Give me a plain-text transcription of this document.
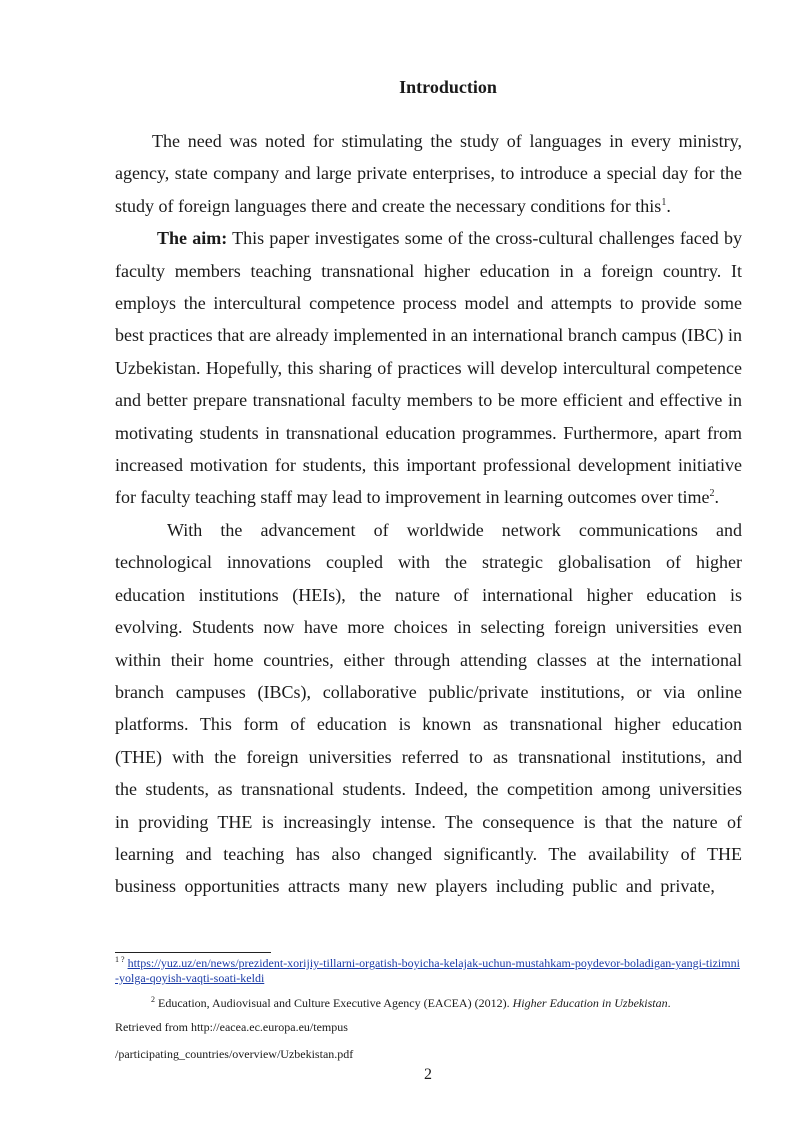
Introduction

The need was noted for stimulating the study of languages in every ministry, agency, state company and large private enterprises, to introduce a special day for the study of foreign languages there and create the necessary conditions for this$^1$.

The aim: This paper investigates some of the cross-cultural challenges faced by faculty members teaching transnational higher education in a foreign country. It employs the intercultural competence process model and attempts to provide some best practices that are already implemented in an international branch campus (IBC) in Uzbekistan. Hopefully, this sharing of practices will develop intercultural competence and better prepare transnational faculty members to be more efficient and effective in motivating students in transnational education programmes. Furthermore, apart from increased motivation for students, this important professional development initiative for faculty teaching staff may lead to improvement in learning outcomes over time$^2$.

With the advancement of worldwide network communications and technological innovations coupled with the strategic globalisation of higher education institutions (HEIs), the nature of international higher education is evolving. Students now have more choices in selecting foreign universities even within their home countries, either through attending classes at the international branch campuses (IBCs), collaborative public/private institutions, or via online platforms. This form of education is known as transnational higher education (THE) with the foreign universities referred to as transnational institutions, and the students, as transnational students. Indeed, the competition among universities in providing THE is increasingly intense. The consequence is that the nature of learning and teaching has also changed significantly. The availability of THE business opportunities attracts many new players including public and private,

$^{1 ?}$ https://yuz.uz/en/news/prezident-xorijiy-tillarni-orgatish-boyicha-kelajak-uchun-mustahkam-poydevor-boladigan-yangi-tizimni-yolga-qoyish-vaqti-soati-keldi

$^2$ Education, Audiovisual and Culture Executive Agency (EACEA) (2012). Higher Education in Uzbekistan.

Retrieved from http://eacea.ec.europa.eu/tempus

/participating_countries/overview/Uzbekistan.pdf

2
